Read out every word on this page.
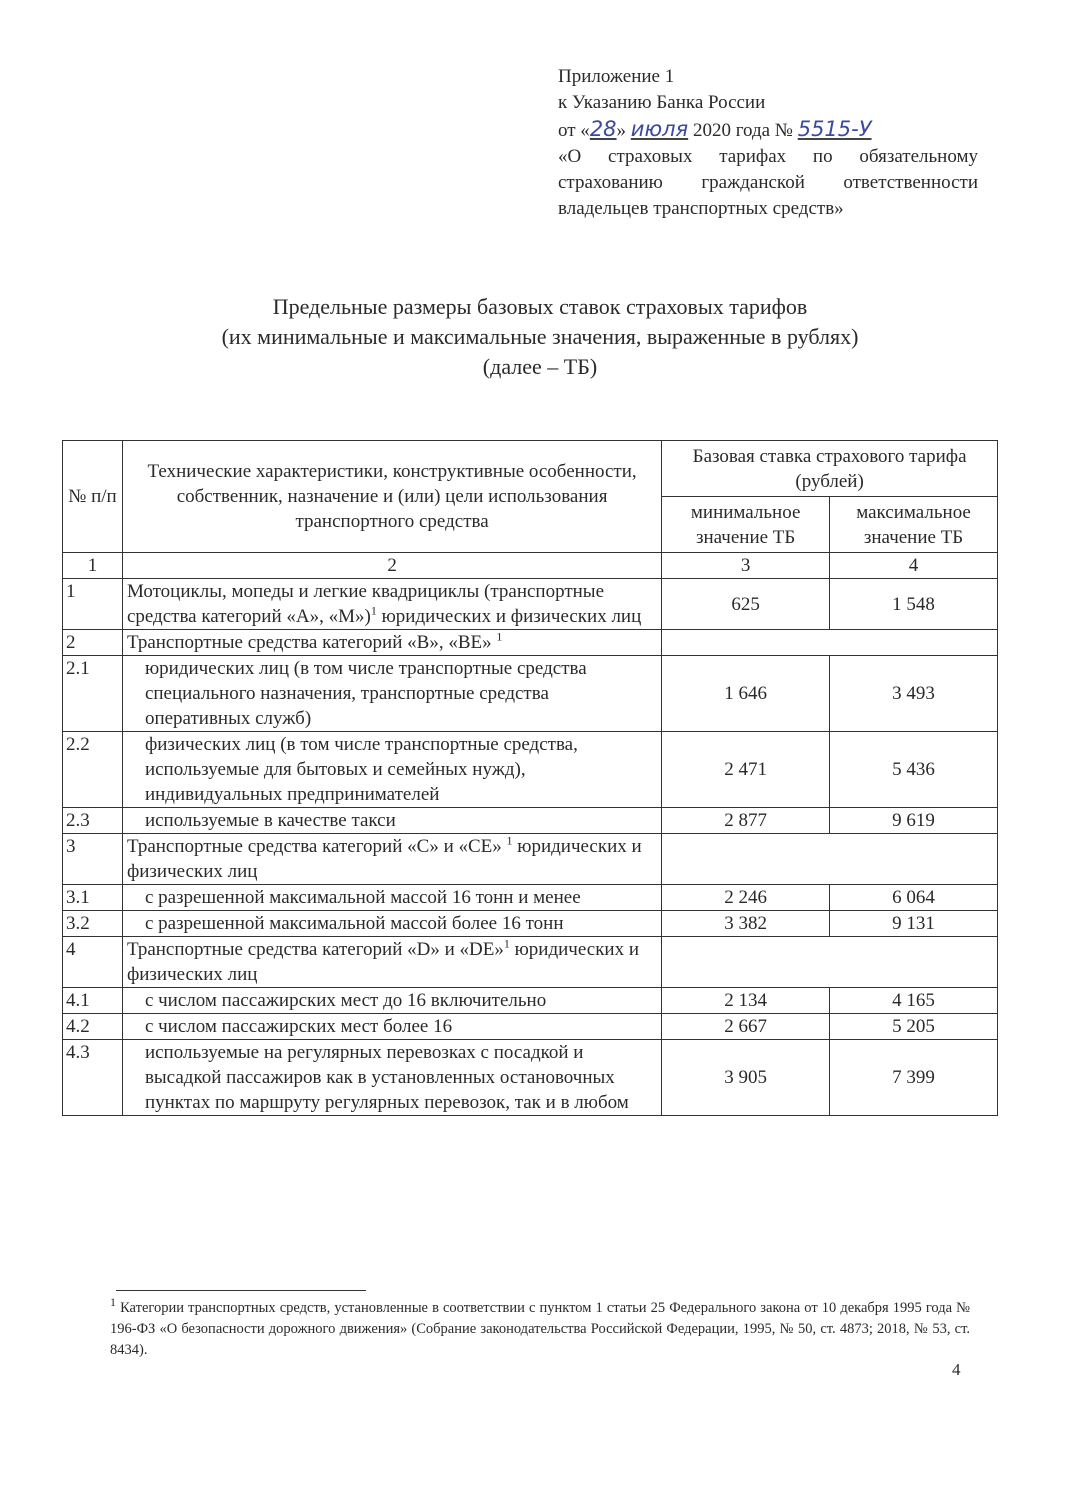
Приложение 1
к Указанию Банка России
от «28» июля 2020 года № 5515-У
«О страховых тарифах по обязательному
страхованию гражданской ответственности
владельцев транспортных средств»
Предельные размеры базовых ставок страховых тарифов
(их минимальные и максимальные значения, выраженные в рублях)
(далее – ТБ)
№ п/п	Технические характеристики, конструктивные особенности, собственник, назначение и (или) цели использования транспортного средства	Базовая ставка страхового тарифа (рублей)	
		минимальное значение ТБ	максимальное значение ТБ
1	2	3	4
1	Мотоциклы, мопеды и легкие квадрициклы (транспортные средства категорий «А», «М»)$^1$ юридических и физических лиц	625	1 548
2	Транспортные средства категорий «В», «ВЕ» $^1$	
2.1	юридических лиц (в том числе транспортные средства специального назначения, транспортные средства оперативных служб)	1 646	3 493
2.2	физических лиц (в том числе транспортные средства, используемые для бытовых и семейных нужд), индивидуальных предпринимателей	2 471	5 436
2.3	используемые в качестве такси	2 877	9 619
3	Транспортные средства категорий «С» и «СЕ» $^1$ юридических и физических лиц		
3.1	с разрешенной максимальной массой 16 тонн и менее	2 246	6 064
3.2	с разрешенной максимальной массой более 16 тонн	3 382	9 131
4	Транспортные средства категорий «D» и «DE»$^1$ юридических и физических лиц		
4.1	с числом пассажирских мест до 16 включительно	2 134	4 165
4.2	с числом пассажирских мест более 16	2 667	5 205
4.3	используемые на регулярных перевозках с посадкой и высадкой пассажиров как в установленных остановочных пунктах по маршруту регулярных перевозок, так и в любом	3 905	7 399
$^1$ Категории транспортных средств, установленные в соответствии с пунктом 1 статьи 25 Федерального закона от 10 декабря 1995 года № 196-ФЗ «О безопасности дорожного движения» (Собрание законодательства Российской Федерации, 1995, № 50, ст. 4873; 2018, № 53, ст. 8434).
4
